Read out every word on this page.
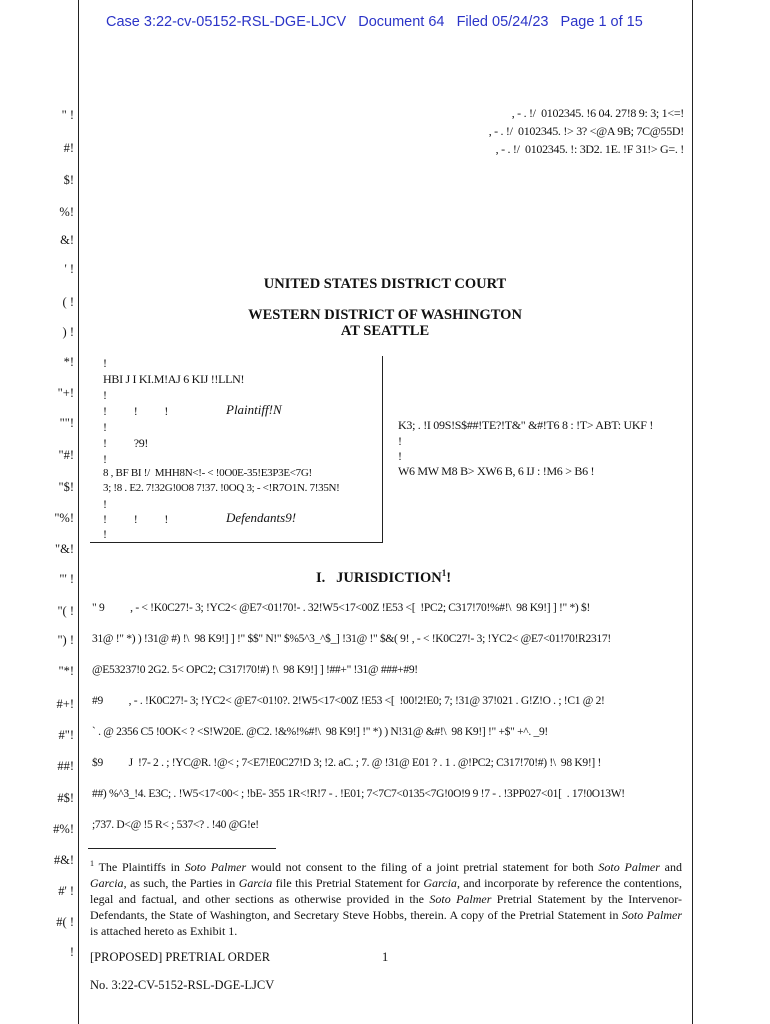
Case 3:22-cv-05152-RSL-DGE-LJCV   Document 64   Filed 05/24/23   Page 1 of 15
" !
#!
$!
%!
&!
' !
( !
) !
*!
"+!
""!
"#!
"$!
"%!
"&!
"' !
"( !
") !
"*!
#+!
#"!
##!
#$!
#%!
#&!
#' !
#( !
!
, - . !/  0102345. !6 04. 27!8 9: 3; 1<=!
, - . !/  0102345. !> 3? <@A 9B; 7C@55D!
, - . !/  0102345. !: 3D2. 1E. !F 31!> G=. !
UNITED STATES DISTRICT COURT
WESTERN DISTRICT OF WASHINGTON
AT SEATTLE
!
HBI J I KI.M!AJ 6 KIJ !!LLN!
!
!          !          !	Plaintiff!N
!
!          ?9!
!
8 , BF BI !/  MHH8N<!- < !0O0E-35!E3P3E<7G!
3; !8 . E2. 7!32G!0O8 7!37. !0OQ 3; - <!R7O1N. 7!35N!
!
!          !          !	Defendants9!
!
K3; . !I 09S!S$##!TE?!T&" &#!T6 8 : !T> ABT: UKF !
!
!
W6 MW M8 B> XW6 B, 6 IJ : !M6 > B6 !
I.   JURISDICTION$^1$!
" 9          , - < !K0C27!- 3; !YC2< @E7<01!70!- . 32!W5<17<00Z !E53 <[  !PC2; C317!70!%#!\  98 K9!] ] !" *) $!
31@ !" *) ) !31@ #) !\  98 K9!] ] !" $$" N!" $%5^3_^$_] !31@ !" $&( 9! , - < !K0C27!- 3; !YC2< @E7<01!70!R2317!
@E53237!0 2G2. 5< OPC2; C317!70!#) !\  98 K9!] ] !##+" !31@ ###+#9!
#9          , - . !K0C27!- 3; !YC2< @E7<01!0?. 2!W5<17<00Z !E53 <[  !00!2!E0; 7; !31@ 37!021 . G!Z!O . ; !C1 @ 2!
` . @ 2356 C5 !0OK< ? <S!W20E. @C2. !&%!%#!\  98 K9!] !" *) ) N!31@ &#!\  98 K9!] !" +$" +^. _9!
$9          J  !7- 2 . ; !YC@R. !@< ; 7<E7!E0C27!D 3; !2. aC. ; 7. @ !31@ E01 ? . 1 . @!PC2; C317!70!#) !\  98 K9!] !
##) %^3_!4. E3C; . !W5<17<00< ; !bE- 355 1R<!R!7 - . !E01; 7<7C7<0135<7G!0O!9 9 !7 - . !3PP027<01[  . 17!0O13W!
;737. D<@ !5 R< ; 537<? . !40 @G!e!
$^1$ The Plaintiffs in Soto Palmer would not consent to the filing of a joint pretrial statement for both Soto Palmer and Garcia, as such, the Parties in Garcia file this Pretrial Statement for Garcia, and incorporate by reference the contentions, legal and factual, and other sections as otherwise provided in the Soto Palmer Pretrial Statement by the Intervenor-Defendants, the State of Washington, and Secretary Steve Hobbs, therein. A copy of the Pretrial Statement in Soto Palmer is attached hereto as Exhibit 1.
[PROPOSED] PRETRIAL ORDER	1
No. 3:22-CV-5152-RSL-DGE-LJCV
